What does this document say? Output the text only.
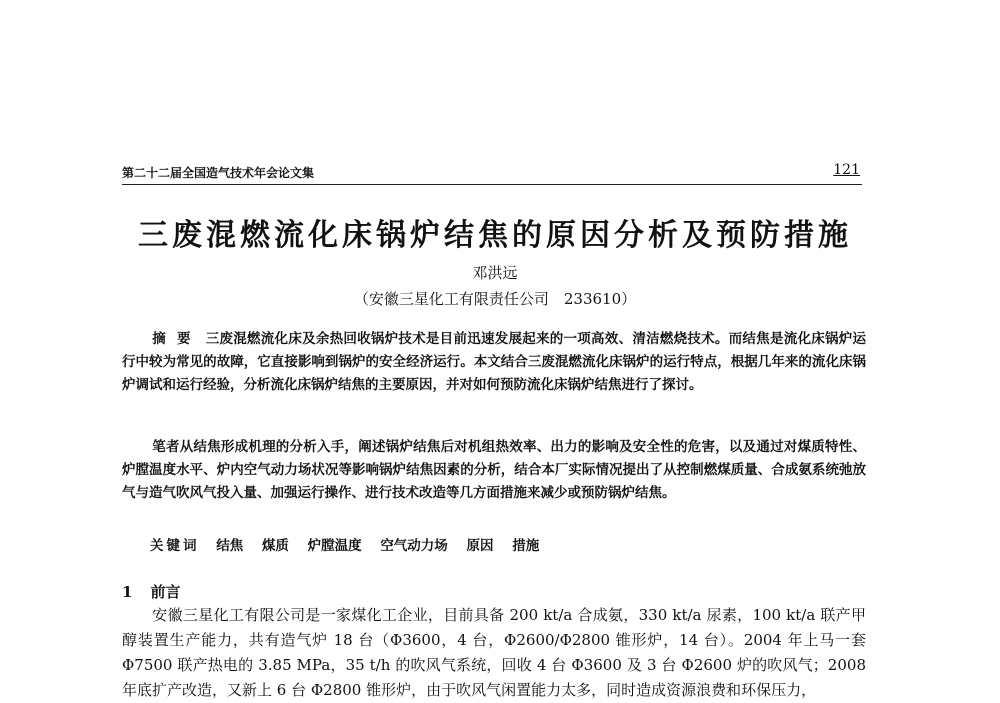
第二十二届全国造气技术年会论文集	121
三废混燃流化床锅炉结焦的原因分析及预防措施
邓洪远
（安徽三星化工有限责任公司　233610）
摘 要 三废混燃流化床及余热回收锅炉技术是目前迅速发展起来的一项高效、清洁燃烧技术。而结焦是流化床锅炉运行中较为常见的故障，它直接影响到锅炉的安全经济运行。本文结合三废混燃流化床锅炉的运行特点，根据几年来的流化床锅炉调试和运行经验，分析流化床锅炉结焦的主要原因，并对如何预防流化床锅炉结焦进行了探讨。
笔者从结焦形成机理的分析入手，阐述锅炉结焦后对机组热效率、出力的影响及安全性的危害，以及通过对煤质特性、炉膛温度水平、炉内空气动力场状况等影响锅炉结焦因素的分析，结合本厂实际情况提出了从控制燃煤质量、合成氨系统弛放气与造气吹风气投入量、加强运行操作、进行技术改造等几方面措施来减少或预防锅炉结焦。
关键词 结焦 煤质 炉膛温度 空气动力场 原因 措施
1 前言
安徽三星化工有限公司是一家煤化工企业，目前具备 200 kt/a 合成氨，330 kt/a 尿素，100 kt/a 联产甲醇装置生产能力，共有造气炉 18 台（Φ3600，4 台，Φ2600/Φ2800 锥形炉，14 台）。2004 年上马一套 Φ7500 联产热电的 3.85 MPa，35 t/h 的吹风气系统，回收 4 台 Φ3600 及 3 台 Φ2600 炉的吹风气；2008 年底扩产改造，又新上 6 台 Φ2800 锥形炉，由于吹风气闲置能力太多，同时造成资源浪费和环保压力，
